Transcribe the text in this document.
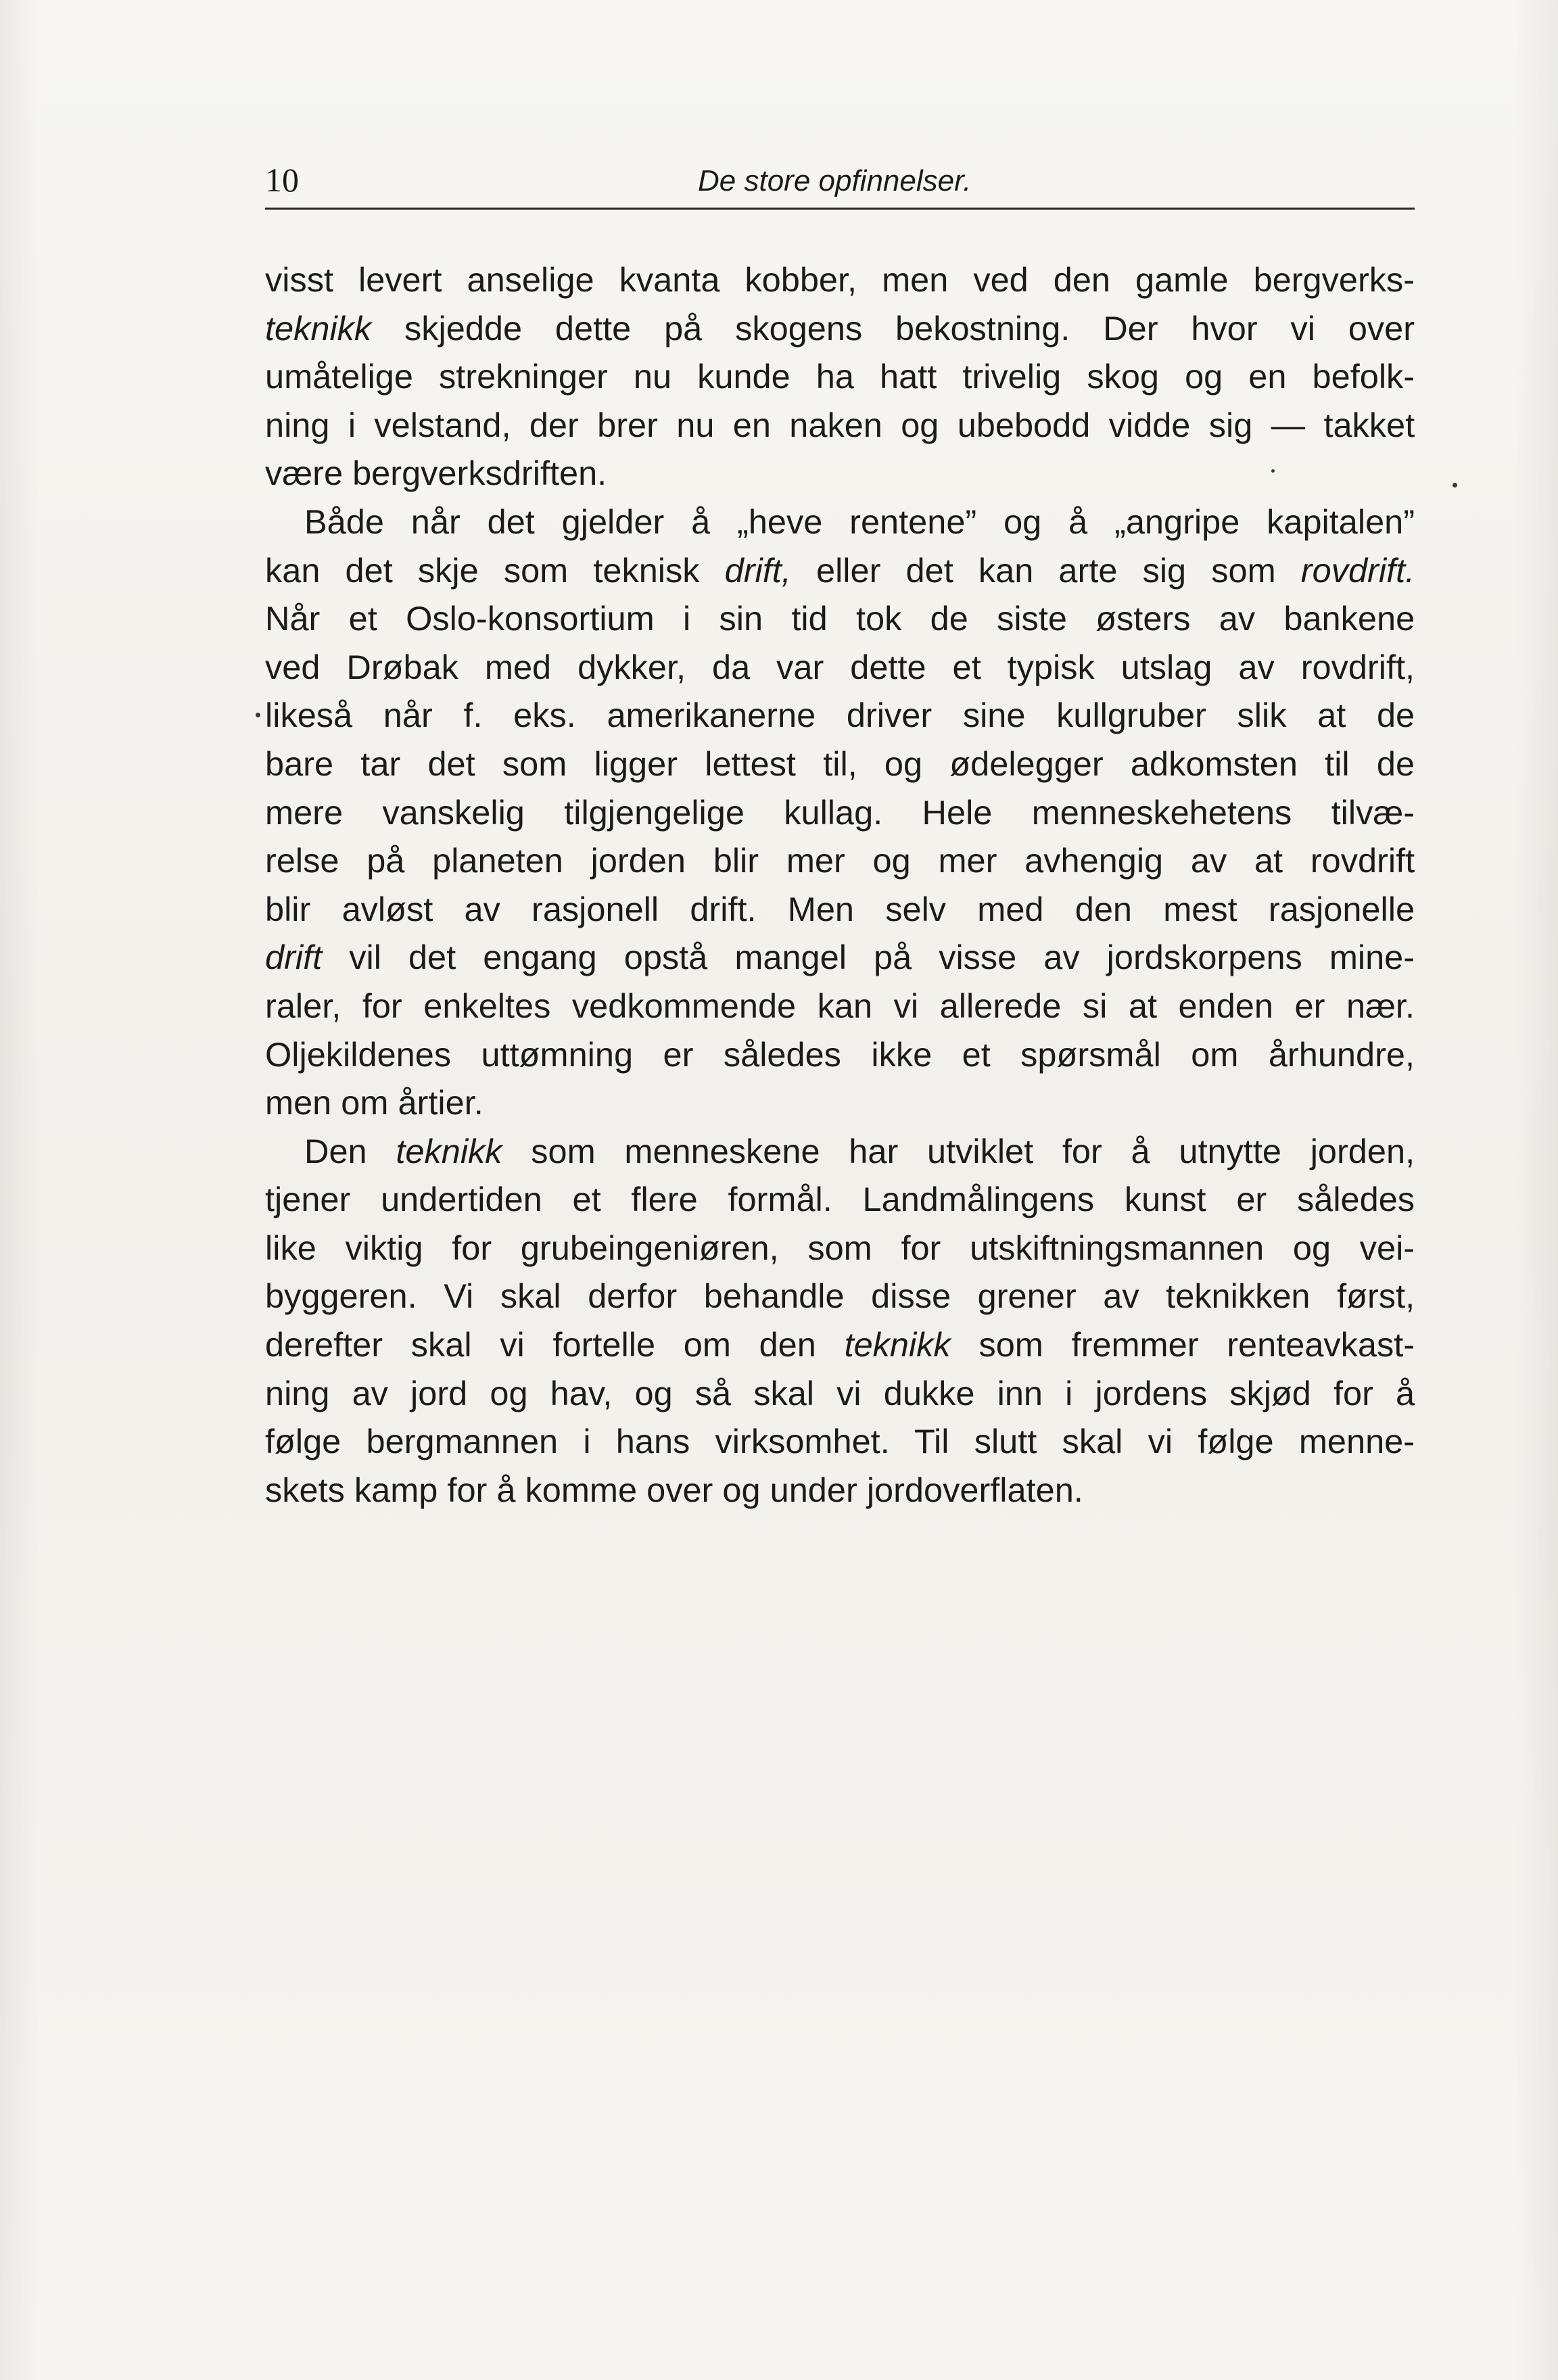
10	De store opfinnelser.
visst levert anselige kvanta kobber, men ved den gamle bergverks-
teknikk skjedde dette på skogens bekostning. Der hvor vi over
umåtelige strekninger nu kunde ha hatt trivelig skog og en befolk-
ning i velstand, der brer nu en naken og ubebodd vidde sig — takket
være bergverksdriften.
Både når det gjelder å „heve rentene” og å „angripe kapitalen”
kan det skje som teknisk drift, eller det kan arte sig som rovdrift.
Når et Oslo-konsortium i sin tid tok de siste østers av bankene
ved Drøbak med dykker, da var dette et typisk utslag av rovdrift,
likeså når f. eks. amerikanerne driver sine kullgruber slik at de
bare tar det som ligger lettest til, og ødelegger adkomsten til de
mere vanskelig tilgjengelige kullag. Hele menneskehetens tilvæ-
relse på planeten jorden blir mer og mer avhengig av at rovdrift
blir avløst av rasjonell drift. Men selv med den mest rasjonelle
drift vil det engang opstå mangel på visse av jordskorpens mine-
raler, for enkeltes vedkommende kan vi allerede si at enden er nær.
Oljekildenes uttømning er således ikke et spørsmål om århundre,
men om årtier.
Den teknikk som menneskene har utviklet for å utnytte jorden,
tjener undertiden et flere formål. Landmålingens kunst er således
like viktig for grubeingeniøren, som for utskiftningsmannen og vei-
byggeren. Vi skal derfor behandle disse grener av teknikken først,
derefter skal vi fortelle om den teknikk som fremmer renteavkast-
ning av jord og hav, og så skal vi dukke inn i jordens skjød for å
følge bergmannen i hans virksomhet. Til slutt skal vi følge menne-
skets kamp for å komme over og under jordoverflaten.
